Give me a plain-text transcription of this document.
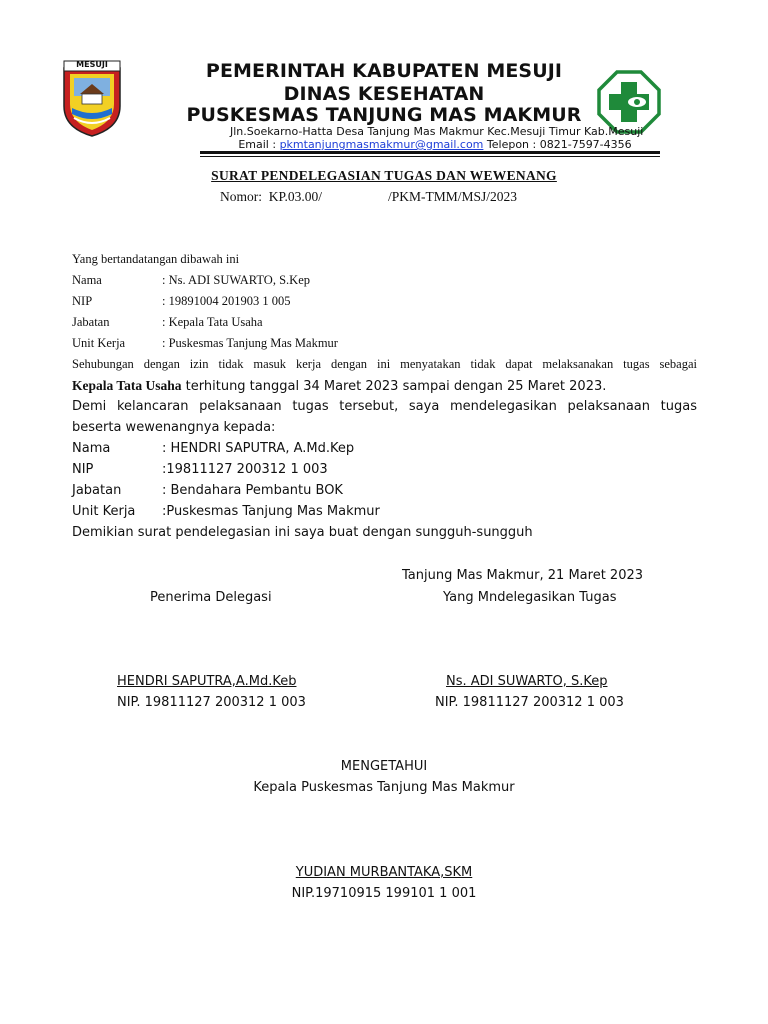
MESUJI	PEMERINTAH KABUPATEN MESUJI
DINAS KESEHATAN
PUSKESMAS TANJUNG MAS MAKMUR
Jln.Soekarno-Hatta Desa Tanjung Mas Makmur Kec.Mesuji Timur Kab.Mesuji
Email : pkmtanjungmasmakmur@gmail.com Telepon : 0821-7597-4356
SURAT PENDELEGASIAN TUGAS DAN WEWENANG
Nomor: KP.03.00/	/PKM-TMM/MSJ/2023
Yang bertandatangan dibawah ini
Nama	: Ns. ADI SUWARTO, S.Kep
NIP	: 19891004 201903 1 005
Jabatan	: Kepala Tata Usaha
Unit Kerja	: Puskesmas Tanjung Mas Makmur
Sehubungan dengan izin tidak masuk kerja dengan ini menyatakan tidak dapat melaksanakan tugas sebagai
Kepala Tata Usaha terhitung tanggal 34 Maret 2023 sampai dengan 25 Maret 2023.
Demi kelancaran pelaksanaan tugas tersebut, saya mendelegasikan pelaksanaan tugas
beserta wewenangnya kepada:
Nama	: HENDRI SAPUTRA, A.Md.Kep
NIP	:19811127 200312 1 003
Jabatan	: Bendahara Pembantu BOK
Unit Kerja :Puskesmas Tanjung Mas Makmur
Demikian surat pendelegasian ini saya buat dengan sungguh-sungguh
Tanjung Mas Makmur, 21 Maret 2023
Penerima Delegasi	Yang Mndelegasikan Tugas
HENDRI SAPUTRA,A.Md.Keb
NIP. 19811127 200312 1 003
Ns. ADI SUWARTO, S.Kep
NIP. 19811127 200312 1 003
MENGETAHUI
Kepala Puskesmas Tanjung Mas Makmur
YUDIAN MURBANTAKA,SKM
NIP.19710915 199101 1 001
